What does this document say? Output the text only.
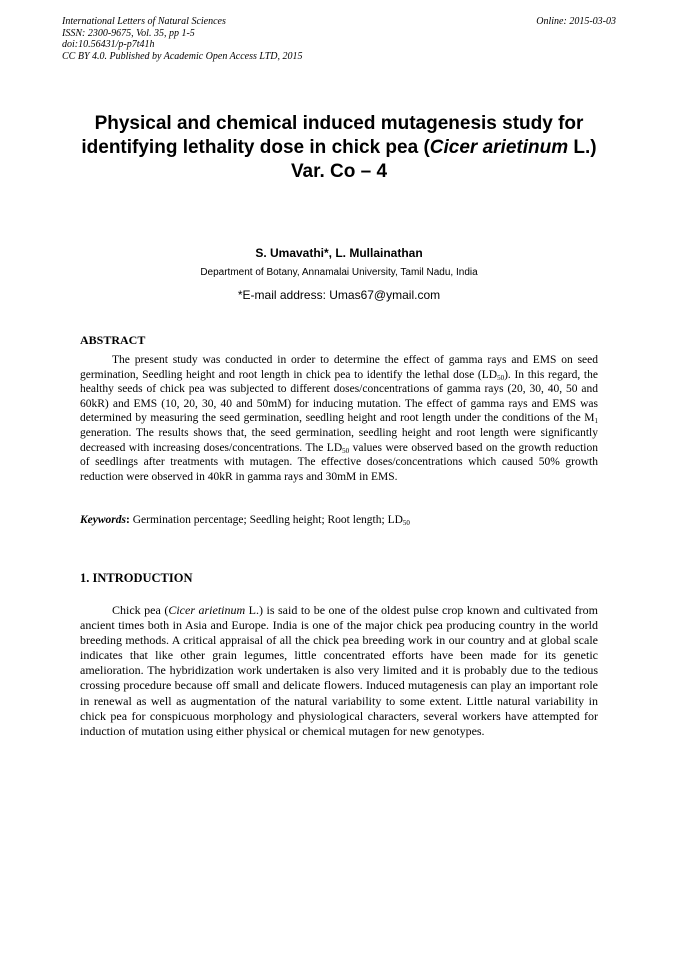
International Letters of Natural Sciences
ISSN: 2300-9675, Vol. 35, pp 1-5
doi:10.56431/p-p7t41h
CC BY 4.0. Published by Academic Open Access LTD, 2015
Online: 2015-03-03
Physical and chemical induced mutagenesis study for identifying lethality dose in chick pea (Cicer arietinum L.) Var. Co – 4
S. Umavathi*, L. Mullainathan
Department of Botany, Annamalai University, Tamil Nadu, India
*E-mail address: Umas67@ymail.com
ABSTRACT

The present study was conducted in order to determine the effect of gamma rays and EMS on seed germination, Seedling height and root length in chick pea to identify the lethal dose $(LD_{50})$. In this regard, the healthy seeds of chick pea was subjected to different doses/concentrations of gamma rays (20, 30, 40, 50 and 60kR) and EMS (10, 20, 30, 40 and 50mM) for inducing mutation. The effect of gamma rays and EMS was determined by measuring the seed germination, seedling height and root length under the conditions of the $M_1$ generation. The results shows that, the seed germination, seedling height and root length were significantly decreased with increasing doses/concentrations. The $LD_{50}$ values were observed based on the growth reduction of seedlings after treatments with mutagen. The effective doses/concentrations which caused 50% growth reduction were observed in 40kR in gamma rays and 30mM in EMS.

Keywords: Germination percentage; Seedling height; Root length; $LD_{50}$
1. INTRODUCTION

Chick pea (Cicer arietinum L.) is said to be one of the oldest pulse crop known and cultivated from ancient times both in Asia and Europe. India is one of the major chick pea producing country in the world breeding methods. A critical appraisal of all the chick pea breeding work in our country and at global scale indicates that like other grain legumes, little concentrated efforts have been made for its genetic amelioration. The hybridization work undertaken is also very limited and it is probably due to the tedious crossing procedure because off small and delicate flowers. Induced mutagenesis can play an important role in renewal as well as augmentation of the natural variability to some extent. Little natural variability in chick pea for conspicuous morphology and physiological characters, several workers have attempted for induction of mutation using either physical or chemical mutagen for new genotypes.
